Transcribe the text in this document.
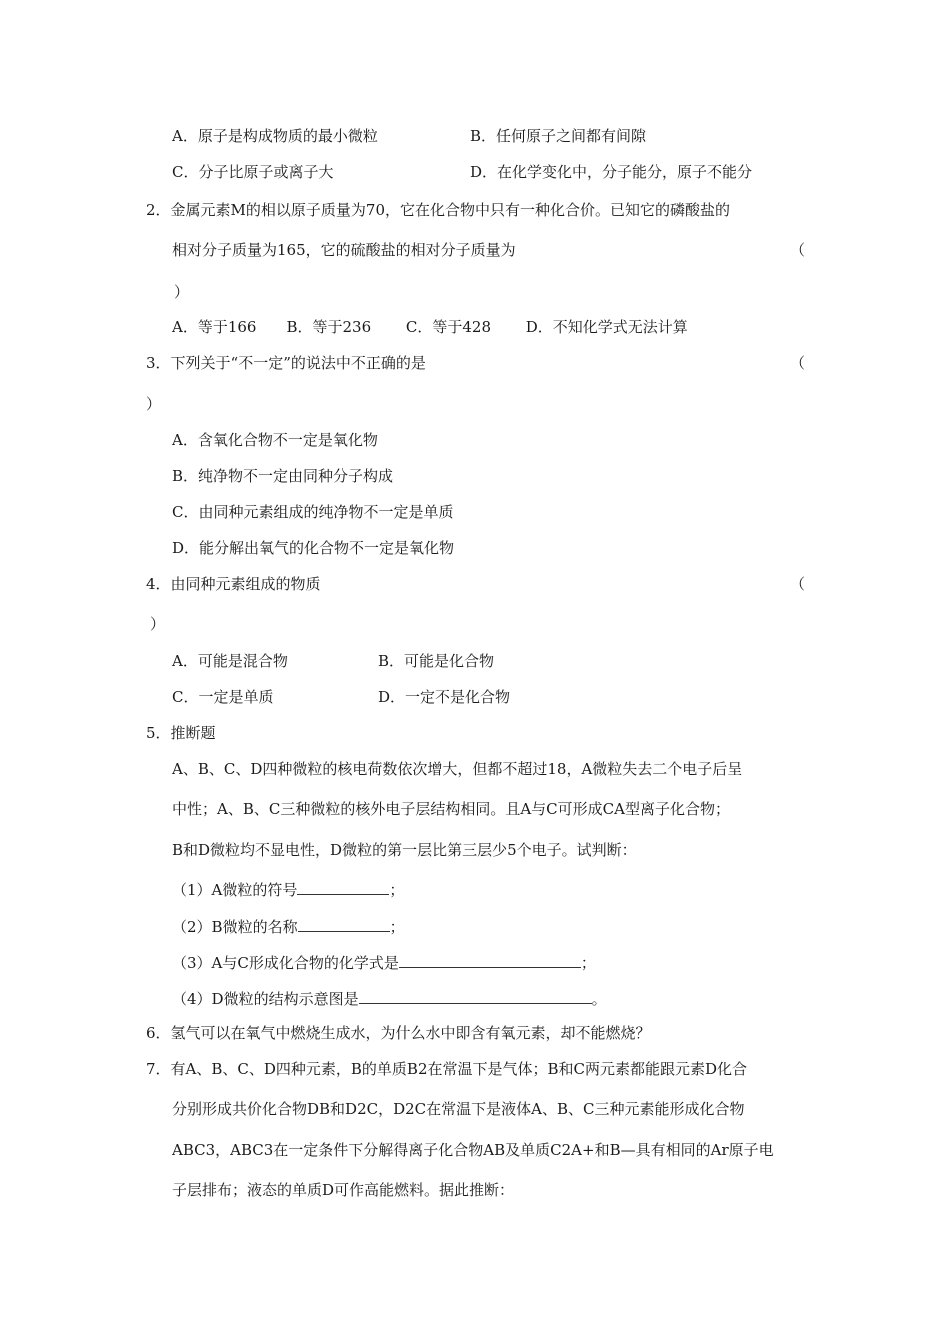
A．原子是构成物质的最小微粒	B．任何原子之间都有间隙
C．分子比原子或离子大	D．在化学变化中，分子能分，原子不能分
2．金属元素M的相以原子质量为70，它在化合物中只有一种化合价。已知它的磷酸盐的
相对分子质量为165，它的硫酸盐的相对分子质量为	（
）
A．等于166　　B．等于236　　 C．等于428　　 D．不知化学式无法计算
3．下列关于“不一定”的说法中不正确的是	（
）
A．含氧化合物不一定是氧化物
B．纯净物不一定由同种分子构成
C．由同种元素组成的纯净物不一定是单质
D．能分解出氧气的化合物不一定是氧化物
4．由同种元素组成的物质	（
）
A．可能是混合物	B．可能是化合物
C．一定是单质	D．一定不是化合物
5．推断题
A、B、C、D四种微粒的核电荷数依次增大，但都不超过18，A微粒失去二个电子后呈
中性；A、B、C三种微粒的核外电子层结构相同。且A与C可形成CA型离子化合物；
B和D微粒均不显电性，D微粒的第一层比第三层少5个电子。试判断：
（1）A微粒的符号	；
（2）B微粒的名称	；
（3）A与C形成化合物的化学式是	；
（4）D微粒的结构示意图是	。
6．氢气可以在氧气中燃烧生成水，为什么水中即含有氧元素，却不能燃烧？
7．有A、B、C、D四种元素，B的单质B2在常温下是气体；B和C两元素都能跟元素D化合
分别形成共价化合物DB和D2C，D2C在常温下是液体A、B、C三种元素能形成化合物
ABC3，ABC3在一定条件下分解得离子化合物AB及单质C2A+和B—具有相同的Ar原子电
子层排布；液态的单质D可作高能燃料。据此推断：
